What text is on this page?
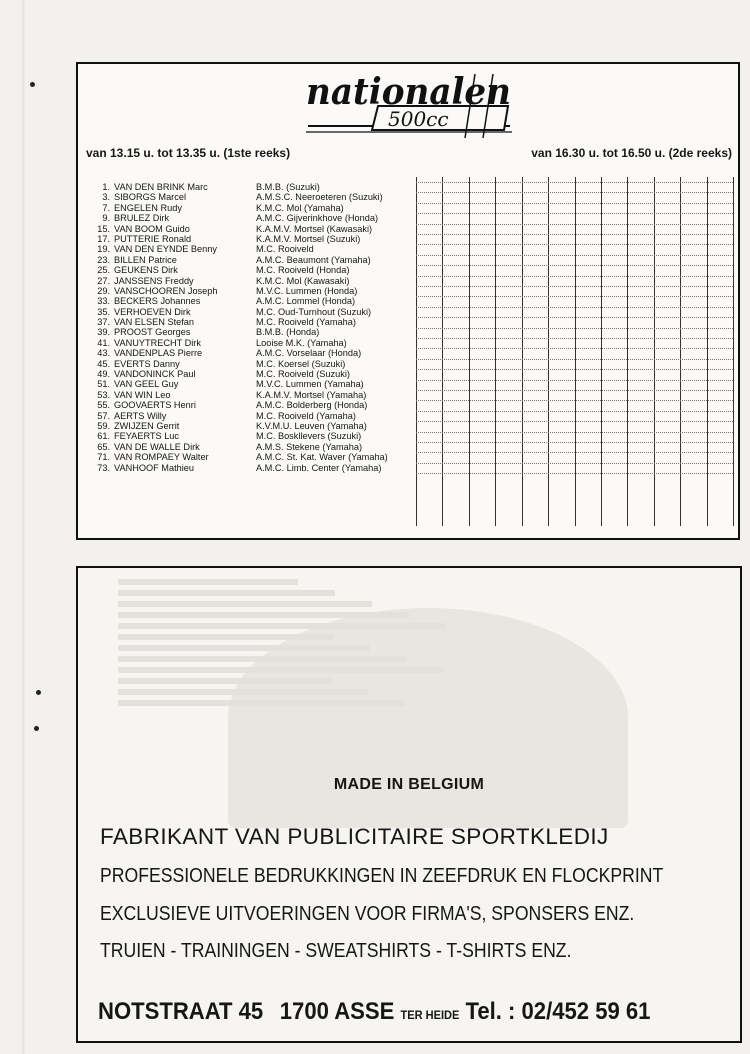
nationalen
500cc
van 13.15 u. tot 13.35 u. (1ste reeks)	van 16.30 u. tot 16.50 u. (2de reeks)
1. VAN DEN BRINK Marc	B.M.B. (Suzuki)
3. SIBORGS Marcel	A.M.S.C. Neeroeteren (Suzuki)
7. ENGELEN Rudy	K.M.C. Mol (Yamaha)
9. BRULEZ Dirk	A.M.C. Gijverinkhove (Honda)
15. VAN BOOM Guido	K.A.M.V. Mortsel (Kawasaki)
17. PUTTERIE Ronald	K.A.M.V. Mortsel (Suzuki)
19. VAN DEN EYNDE Benny	M.C. Rooiveld
23. BILLEN Patrice	A.M.C. Beaumont (Yamaha)
25. GEUKENS Dirk	M.C. Rooiveld (Honda)
27. JANSSENS Freddy	K.M.C. Mol (Kawasaki)
29. VANSCHOOREN Joseph	M.V.C. Lummen (Honda)
33. BECKERS Johannes	A.M.C. Lommel (Honda)
35. VERHOEVEN Dirk	M.C. Oud-Turnhout (Suzuki)
37. VAN ELSEN Stefan	M.C. Rooiveld (Yamaha)
39. PROOST Georges	B.M.B. (Honda)
41. VANUYTRECHT Dirk	Looise M.K. (Yamaha)
43. VANDENPLAS Pierre	A.M.C. Vorselaar (Honda)
45. EVERTS Danny	M.C. Koersel (Suzuki)
49. VANDONINCK Paul	M.C. Rooiveld (Suzuki)
51. VAN GEEL Guy	M.V.C. Lummen (Yamaha)
53. VAN WIN Leo	K.A.M.V. Mortsel (Yamaha)
55. GOOVAERTS Henri	A.M.C. Bolderberg (Honda)
57. AERTS Willy	M.C. Rooiveld (Yamaha)
59. ZWIJZEN Gerrit	K.V.M.U. Leuven (Yamaha)
61. FEYAERTS Luc	M.C. Boskllevers (Suzuki)
65. VAN DE WALLE Dirk	A.M.S. Stekene (Yamaha)
71. VAN ROMPAEY Walter	A.M.C. St. Kat. Waver (Yamaha)
73. VANHOOF Mathieu	A.M.C. Limb. Center (Yamaha)
MADE IN BELGIUM
FABRIKANT VAN PUBLICITAIRE SPORTKLEDIJ
PROFESSIONELE BEDRUKKINGEN IN ZEEFDRUK EN FLOCKPRINT
EXCLUSIEVE UITVOERINGEN VOOR FIRMA'S, SPONSERS ENZ.
TRUIEN - TRAININGEN - SWEATSHIRTS - T-SHIRTS ENZ.
NOTSTRAAT 45 1700 ASSE TER HEIDE Tel. : 02/452 59 61
